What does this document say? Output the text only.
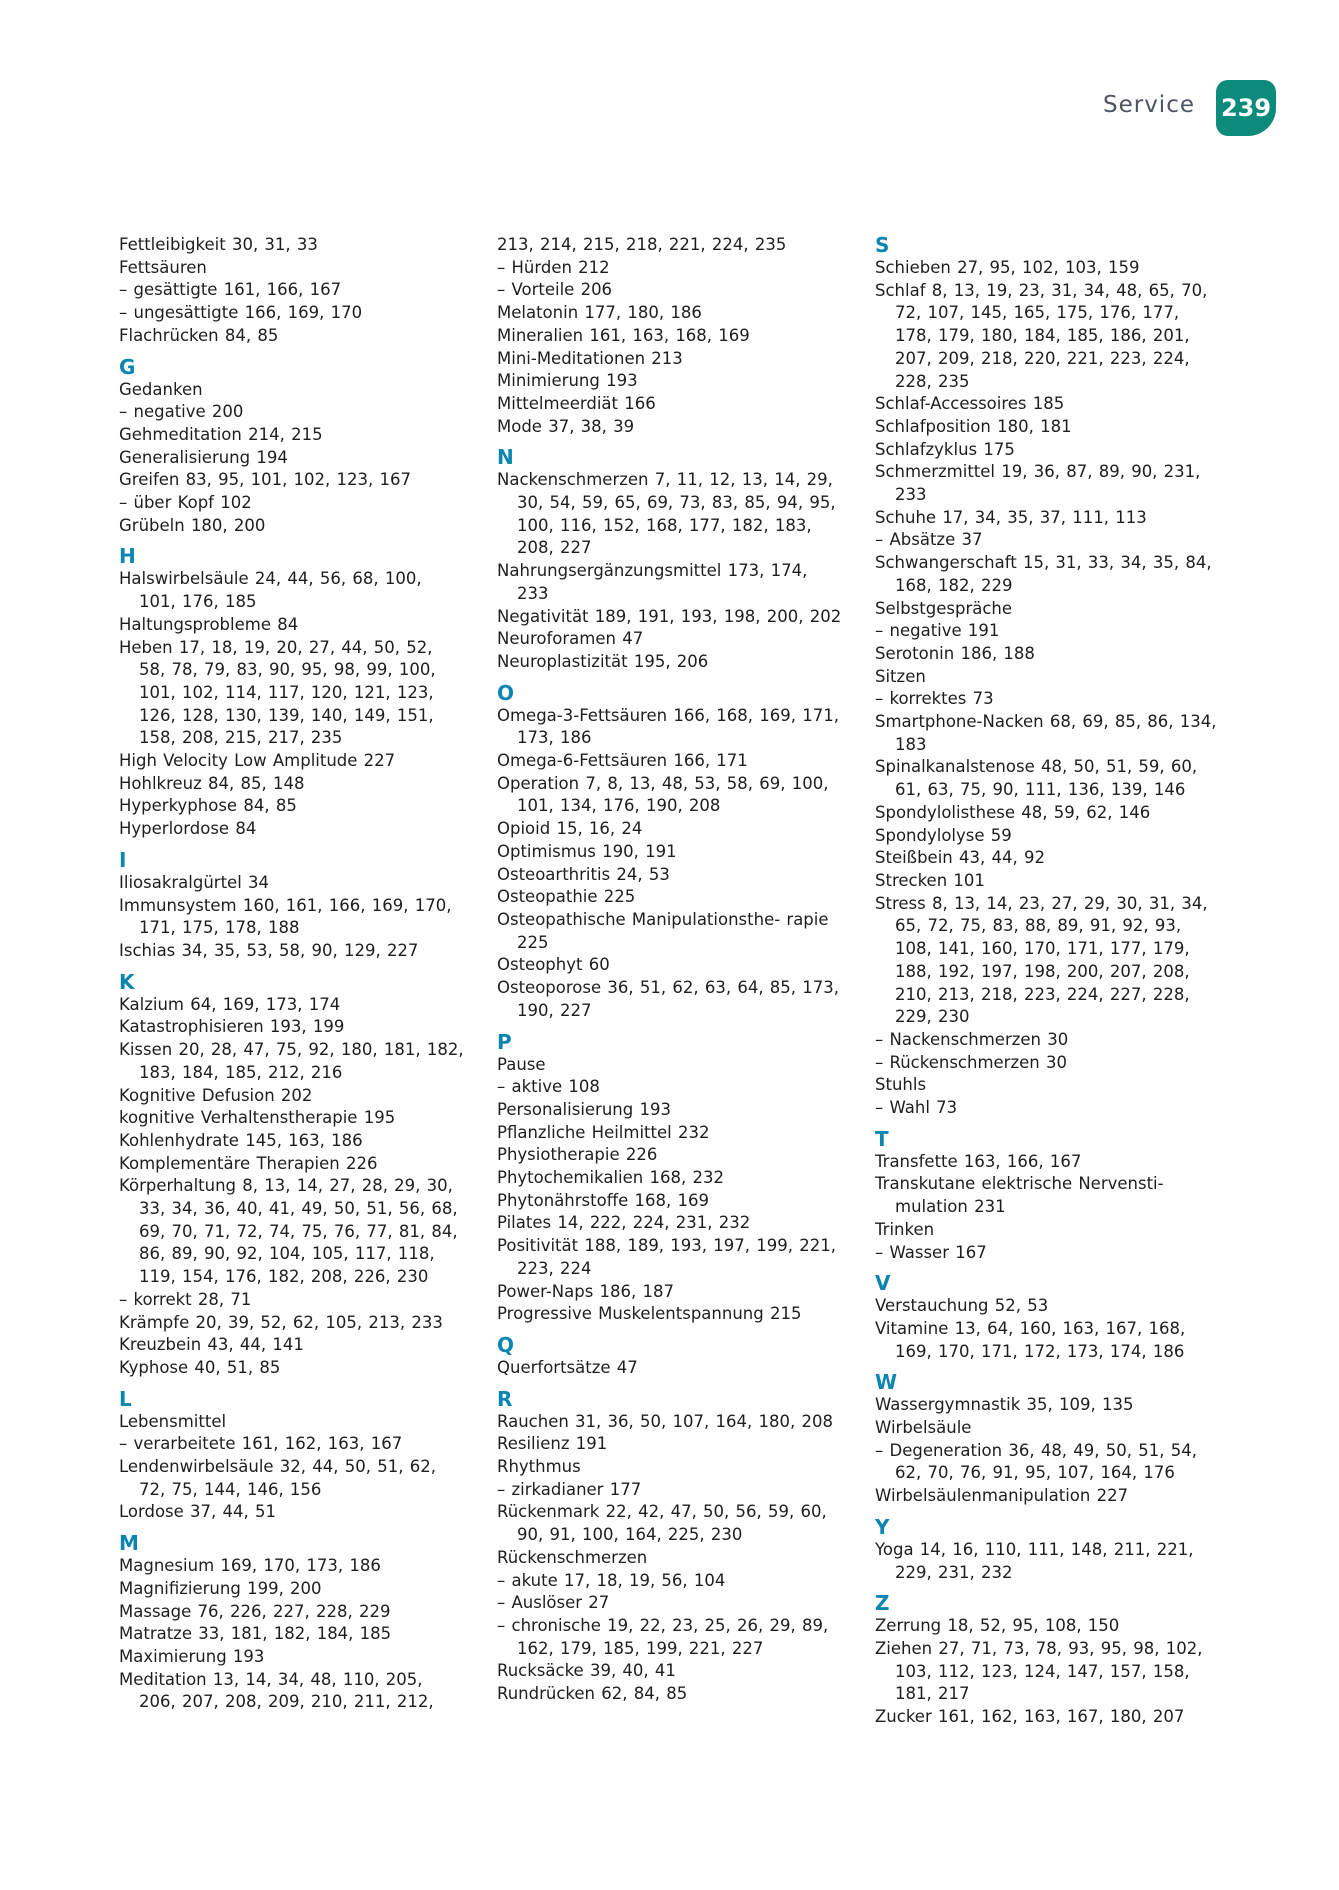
Service 239
Fettleibigkeit 30, 31, 33
Fettsäuren
– gesättigte 161, 166, 167
– ungesättigte 166, 169, 170
Flachrücken 84, 85
G
Gedanken
– negative 200
Gehmeditation 214, 215
Generalisierung 194
Greifen 83, 95, 101, 102, 123, 167
– über Kopf 102
Grübeln 180, 200
H
Halswirbelsäule 24, 44, 56, 68, 100, 101, 176, 185
Haltungsprobleme 84
Heben 17, 18, 19, 20, 27, 44, 50, 52, 58, 78, 79, 83, 90, 95, 98, 99, 100, 101, 102, 114, 117, 120, 121, 123, 126, 128, 130, 139, 140, 149, 151, 158, 208, 215, 217, 235
High Velocity Low Amplitude 227
Hohlkreuz 84, 85, 148
Hyperkyphose 84, 85
Hyperlordose 84
I
Iliosakralgürtel 34
Immunsystem 160, 161, 166, 169, 170, 171, 175, 178, 188
Ischias 34, 35, 53, 58, 90, 129, 227
K
Kalzium 64, 169, 173, 174
Katastrophisieren 193, 199
Kissen 20, 28, 47, 75, 92, 180, 181, 182, 183, 184, 185, 212, 216
Kognitive Defusion 202
kognitive Verhaltenstherapie 195
Kohlenhydrate 145, 163, 186
Komplementäre Therapien 226
Körperhaltung 8, 13, 14, 27, 28, 29, 30, 33, 34, 36, 40, 41, 49, 50, 51, 56, 68, 69, 70, 71, 72, 74, 75, 76, 77, 81, 84, 86, 89, 90, 92, 104, 105, 117, 118, 119, 154, 176, 182, 208, 226, 230
– korrekt 28, 71
Krämpfe 20, 39, 52, 62, 105, 213, 233
Kreuzbein 43, 44, 141
Kyphose 40, 51, 85
L
Lebensmittel
– verarbeitete 161, 162, 163, 167
Lendenwirbelsäule 32, 44, 50, 51, 62, 72, 75, 144, 146, 156
Lordose 37, 44, 51
M
Magnesium 169, 170, 173, 186
Magnifizierung 199, 200
Massage 76, 226, 227, 228, 229
Matratze 33, 181, 182, 184, 185
Maximierung 193
Meditation 13, 14, 34, 48, 110, 205, 206, 207, 208, 209, 210, 211, 212,
213, 214, 215, 218, 221, 224, 235
– Hürden 212
– Vorteile 206
Melatonin 177, 180, 186
Mineralien 161, 163, 168, 169
Mini-Meditationen 213
Minimierung 193
Mittelmeerdiät 166
Mode 37, 38, 39
N
Nackenschmerzen 7, 11, 12, 13, 14, 29, 30, 54, 59, 65, 69, 73, 83, 85, 94, 95, 100, 116, 152, 168, 177, 182, 183, 208, 227
Nahrungsergänzungsmittel 173, 174, 233
Negativität 189, 191, 193, 198, 200, 202
Neuroforamen 47
Neuroplastizität 195, 206
O
Omega-3-Fettsäuren 166, 168, 169, 171, 173, 186
Omega-6-Fettsäuren 166, 171
Operation 7, 8, 13, 48, 53, 58, 69, 100, 101, 134, 176, 190, 208
Opioid 15, 16, 24
Optimismus 190, 191
Osteoarthritis 24, 53
Osteopathie 225
Osteopathische Manipulationsthe- rapie 225
Osteophyt 60
Osteoporose 36, 51, 62, 63, 64, 85, 173, 190, 227
P
Pause
– aktive 108
Personalisierung 193
Pflanzliche Heilmittel 232
Physiotherapie 226
Phytochemikalien 168, 232
Phytonährstoffe 168, 169
Pilates 14, 222, 224, 231, 232
Positivität 188, 189, 193, 197, 199, 221, 223, 224
Power-Naps 186, 187
Progressive Muskelentspannung 215
Q
Querfortsätze 47
R
Rauchen 31, 36, 50, 107, 164, 180, 208
Resilienz 191
Rhythmus
– zirkadianer 177
Rückenmark 22, 42, 47, 50, 56, 59, 60, 90, 91, 100, 164, 225, 230
Rückenschmerzen
– akute 17, 18, 19, 56, 104
– Auslöser 27
– chronische 19, 22, 23, 25, 26, 29, 89, 162, 179, 185, 199, 221, 227
Rucksäcke 39, 40, 41
Rundrücken 62, 84, 85
S
Schieben 27, 95, 102, 103, 159
Schlaf 8, 13, 19, 23, 31, 34, 48, 65, 70, 72, 107, 145, 165, 175, 176, 177, 178, 179, 180, 184, 185, 186, 201, 207, 209, 218, 220, 221, 223, 224, 228, 235
Schlaf-Accessoires 185
Schlafposition 180, 181
Schlafzyklus 175
Schmerzmittel 19, 36, 87, 89, 90, 231, 233
Schuhe 17, 34, 35, 37, 111, 113
– Absätze 37
Schwangerschaft 15, 31, 33, 34, 35, 84, 168, 182, 229
Selbstgespräche
– negative 191
Serotonin 186, 188
Sitzen
– korrektes 73
Smartphone-Nacken 68, 69, 85, 86, 134, 183
Spinalkanalstenose 48, 50, 51, 59, 60, 61, 63, 75, 90, 111, 136, 139, 146
Spondylolisthese 48, 59, 62, 146
Spondylolyse 59
Steißbein 43, 44, 92
Strecken 101
Stress 8, 13, 14, 23, 27, 29, 30, 31, 34, 65, 72, 75, 83, 88, 89, 91, 92, 93, 108, 141, 160, 170, 171, 177, 179, 188, 192, 197, 198, 200, 207, 208, 210, 213, 218, 223, 224, 227, 228, 229, 230
– Nackenschmerzen 30
– Rückenschmerzen 30
Stuhls
– Wahl 73
T
Transfette 163, 166, 167
Transkutane elektrische Nervensti- mulation 231
Trinken
– Wasser 167
V
Verstauchung 52, 53
Vitamine 13, 64, 160, 163, 167, 168, 169, 170, 171, 172, 173, 174, 186
W
Wassergymnastik 35, 109, 135
Wirbelsäule
– Degeneration 36, 48, 49, 50, 51, 54, 62, 70, 76, 91, 95, 107, 164, 176
Wirbelsäulenmanipulation 227
Y
Yoga 14, 16, 110, 111, 148, 211, 221, 229, 231, 232
Z
Zerrung 18, 52, 95, 108, 150
Ziehen 27, 71, 73, 78, 93, 95, 98, 102, 103, 112, 123, 124, 147, 157, 158, 181, 217
Zucker 161, 162, 163, 167, 180, 207
